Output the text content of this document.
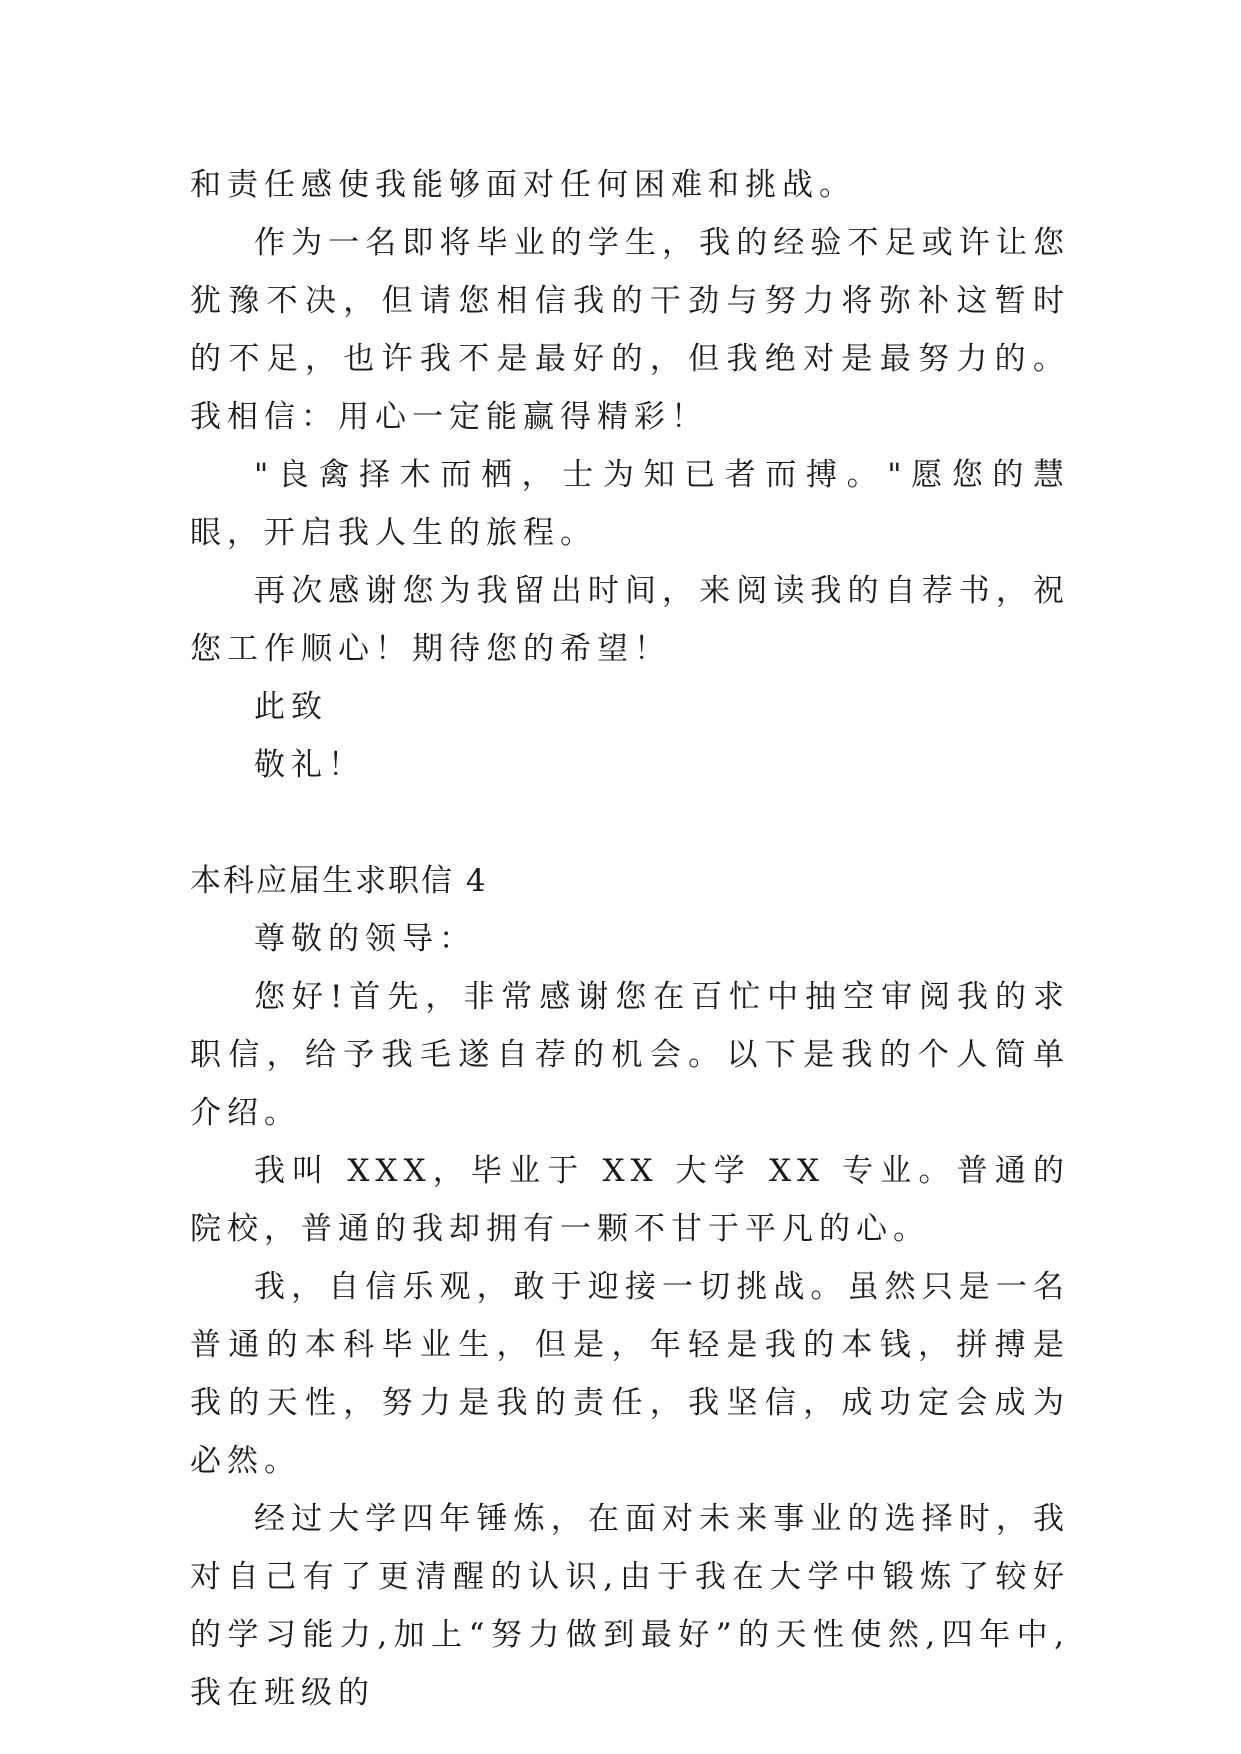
和责任感使我能够面对任何困难和挑战。

作为一名即将毕业的学生，我的经验不足或许让您犹豫不决，但请您相信我的干劲与努力将弥补这暂时的不足，也许我不是最好的，但我绝对是最努力的。我相信：用心一定能赢得精彩！

"良禽择木而栖，士为知已者而搏。"愿您的慧眼，开启我人生的旅程。

再次感谢您为我留出时间，来阅读我的自荐书，祝您工作顺心！期待您的希望！

此致

敬礼！

本科应届生求职信 4

尊敬的领导：

您好!首先，非常感谢您在百忙中抽空审阅我的求职信，给予我毛遂自荐的机会。以下是我的个人简单介绍。

我叫 XXX，毕业于 XX 大学 XX 专业。普通的院校，普通的我却拥有一颗不甘于平凡的心。

我，自信乐观，敢于迎接一切挑战。虽然只是一名普通的本科毕业生，但是，年轻是我的本钱，拼搏是我的天性，努力是我的责任，我坚信，成功定会成为必然。

经过大学四年锤炼，在面对未来事业的选择时，我对自己有了更清醒的认识,由于我在大学中锻炼了较好的学习能力,加上“努力做到最好”的天性使然,四年中,我在班级的
